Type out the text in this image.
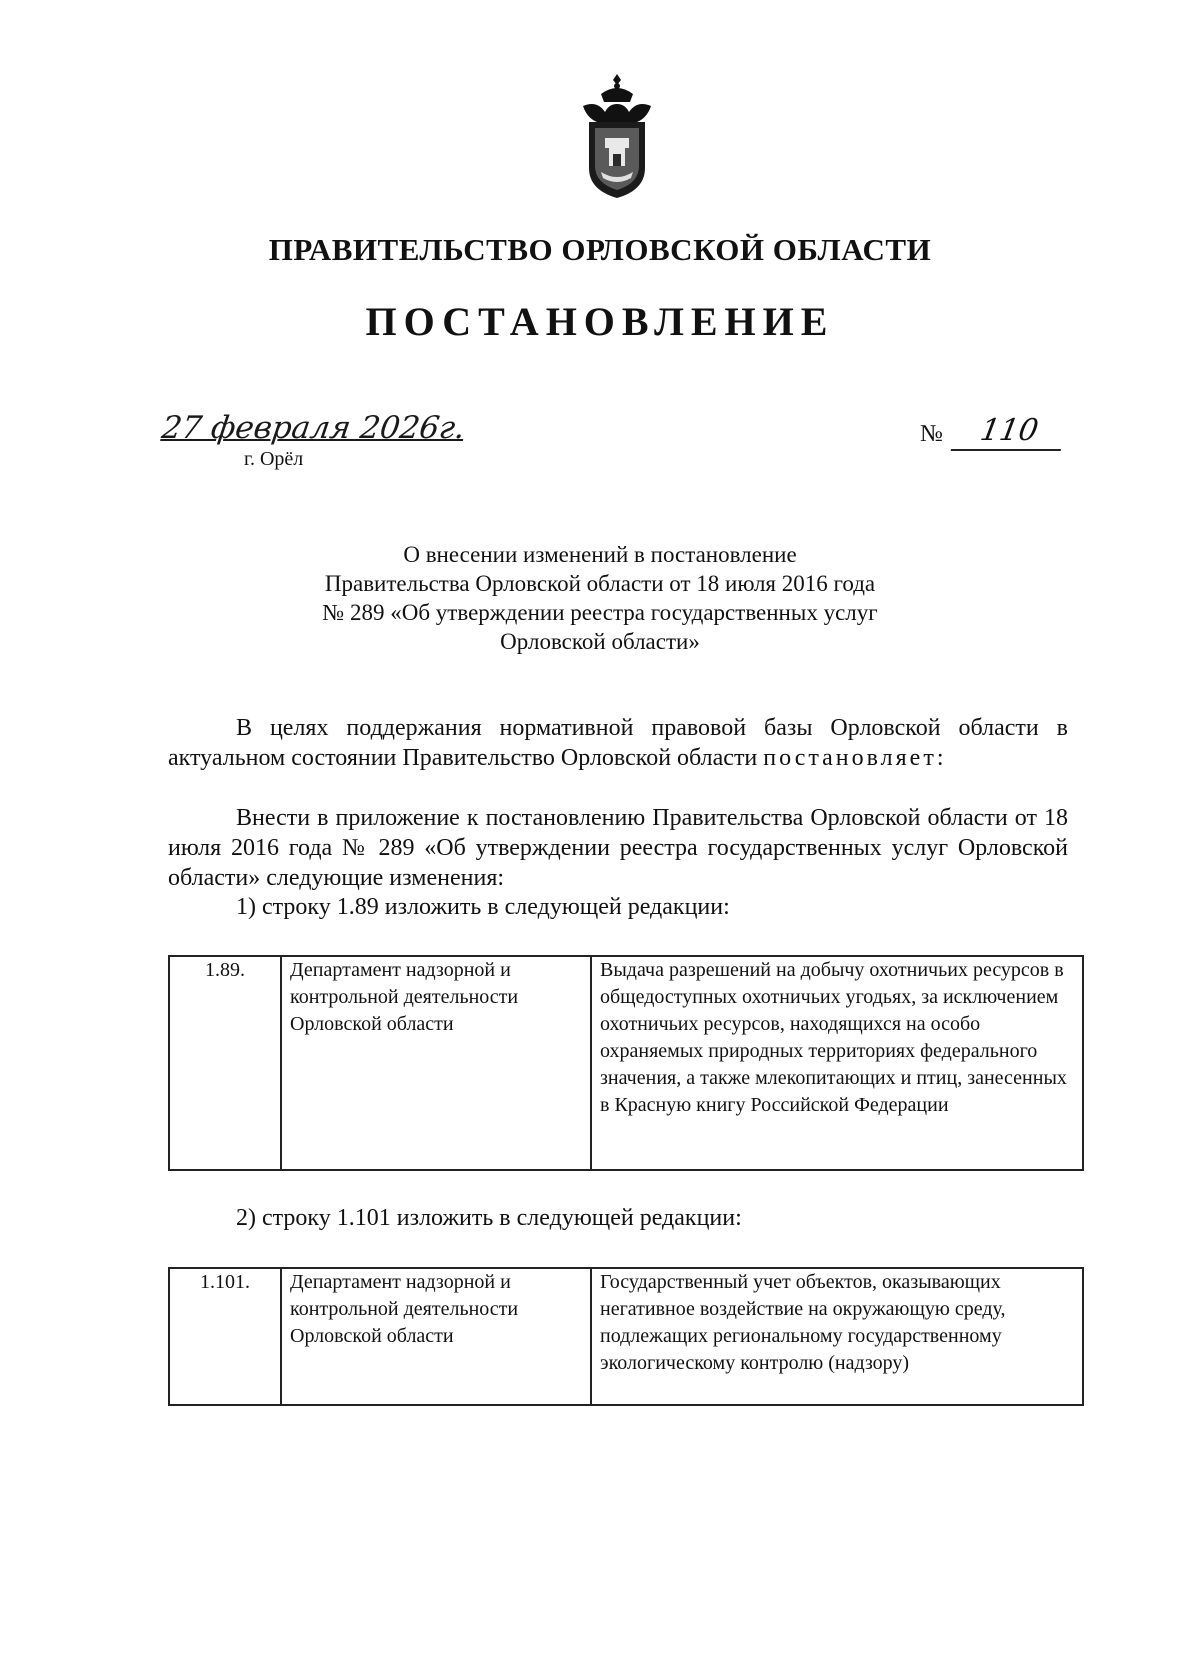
ПРАВИТЕЛЬСТВО ОРЛОВСКОЙ ОБЛАСТИ
ПОСТАНОВЛЕНИЕ
27 февраля 2026г.
г. Орёл
№	110
О внесении изменений в постановление
Правительства Орловской области от 18 июля 2016 года
№ 289 «Об утверждении реестра государственных услуг
Орловской области»
В целях поддержания нормативной правовой базы Орловской области в актуальном состоянии Правительство Орловской области постановляет:
Внести в приложение к постановлению Правительства Орловской области от 18 июля 2016 года № 289 «Об утверждении реестра государственных услуг Орловской области» следующие изменения:
1) строку 1.89 изложить в следующей редакции:
1.89.	Департамент надзорной и контрольной деятельности Орловской области	Выдача разрешений на добычу охотничьих ресурсов в общедоступных охотничьих угодьях, за исключением охотничьих ресурсов, находящихся на особо охраняемых природных территориях федерального значения, а также млекопитающих и птиц, занесенных в Красную книгу Российской Федерации
2) строку 1.101 изложить в следующей редакции:
1.101.	Департамент надзорной и контрольной деятельности Орловской области	Государственный учет объектов, оказывающих негативное воздействие на окружающую среду, подлежащих региональному государственному экологическому контролю (надзору)
